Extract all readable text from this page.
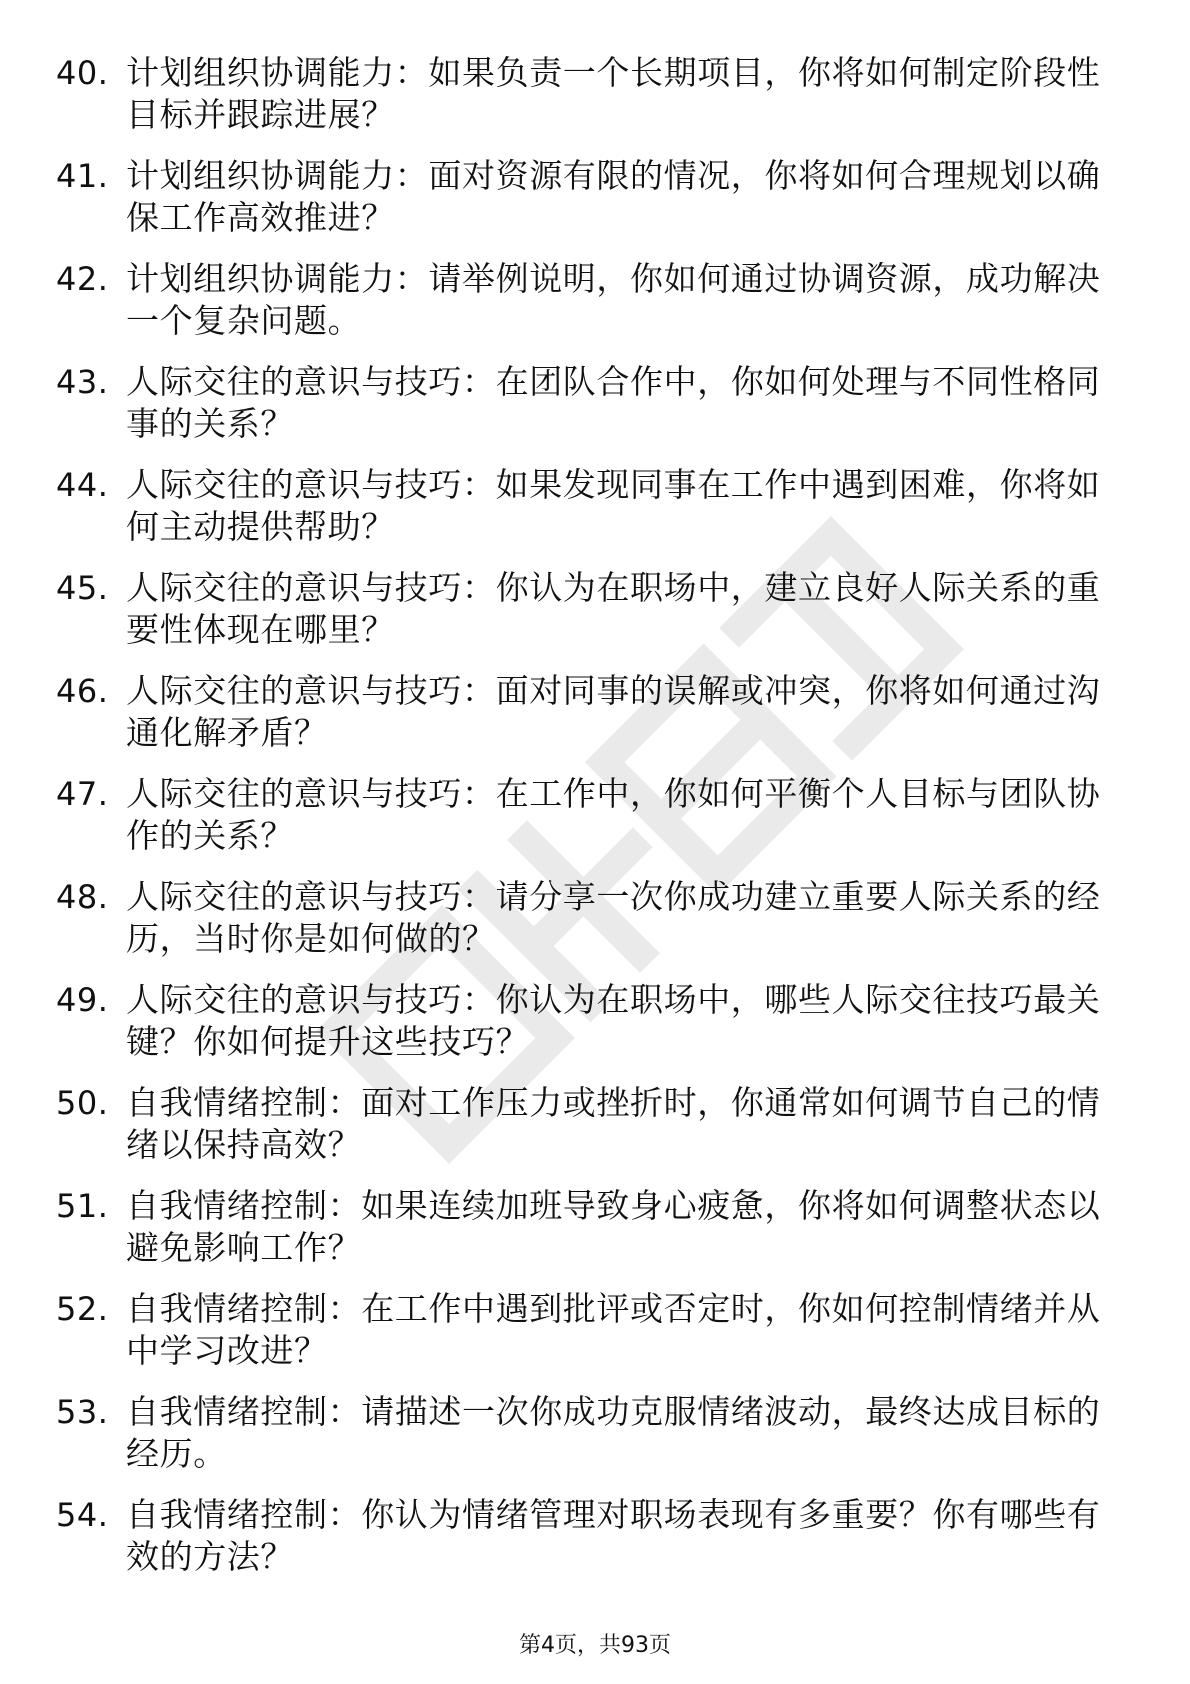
40. 计划组织协调能力：如果负责一个长期项目，你将如何制定阶段性目标并跟踪进展？
41. 计划组织协调能力：面对资源有限的情况，你将如何合理规划以确保工作高效推进？
42. 计划组织协调能力：请举例说明，你如何通过协调资源，成功解决一个复杂问题。
43. 人际交往的意识与技巧：在团队合作中，你如何处理与不同性格同事的关系？
44. 人际交往的意识与技巧：如果发现同事在工作中遇到困难，你将如何主动提供帮助？
45. 人际交往的意识与技巧：你认为在职场中，建立良好人际关系的重要性体现在哪里？
46. 人际交往的意识与技巧：面对同事的误解或冲突，你将如何通过沟通化解矛盾？
47. 人际交往的意识与技巧：在工作中，你如何平衡个人目标与团队协作的关系？
48. 人际交往的意识与技巧：请分享一次你成功建立重要人际关系的经历，当时你是如何做的？
49. 人际交往的意识与技巧：你认为在职场中，哪些人际交往技巧最关键？你如何提升这些技巧？
50. 自我情绪控制：面对工作压力或挫折时，你通常如何调节自己的情绪以保持高效？
51. 自我情绪控制：如果连续加班导致身心疲惫，你将如何调整状态以避免影响工作？
52. 自我情绪控制：在工作中遇到批评或否定时，你如何控制情绪并从中学习改进？
53. 自我情绪控制：请描述一次你成功克服情绪波动，最终达成目标的经历。
54. 自我情绪控制：你认为情绪管理对职场表现有多重要？你有哪些有效的方法？
第4页，共93页
